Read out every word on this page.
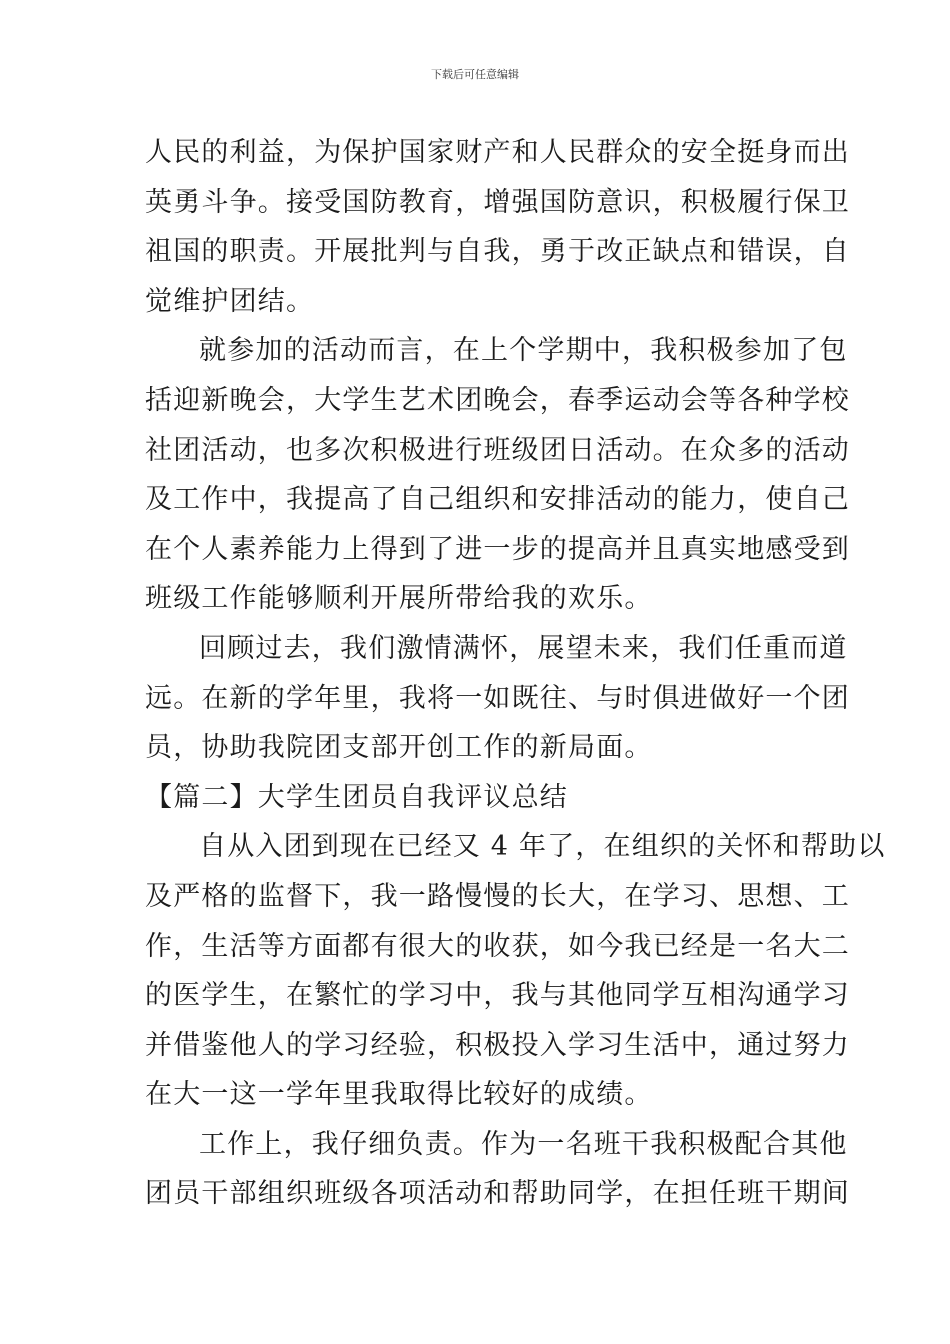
下载后可任意编辑
人民的利益，为保护国家财产和人民群众的安全挺身而出
英勇斗争。接受国防教育，增强国防意识，积极履行保卫
祖国的职责。开展批判与自我，勇于改正缺点和错误，自
觉维护团结。
就参加的活动而言，在上个学期中，我积极参加了包
括迎新晚会，大学生艺术团晚会，春季运动会等各种学校
社团活动，也多次积极进行班级团日活动。在众多的活动
及工作中，我提高了自己组织和安排活动的能力，使自己
在个人素养能力上得到了进一步的提高并且真实地感受到
班级工作能够顺利开展所带给我的欢乐。
回顾过去，我们激情满怀，展望未来，我们任重而道
远。在新的学年里，我将一如既往、与时俱进做好一个团
员，协助我院团支部开创工作的新局面。
【篇二】大学生团员自我评议总结
自从入团到现在已经又 4 年了，在组织的关怀和帮助以
及严格的监督下，我一路慢慢的长大，在学习、思想、工
作，生活等方面都有很大的收获，如今我已经是一名大二
的医学生，在繁忙的学习中，我与其他同学互相沟通学习
并借鉴他人的学习经验，积极投入学习生活中，通过努力
在大一这一学年里我取得比较好的成绩。
工作上，我仔细负责。作为一名班干我积极配合其他
团员干部组织班级各项活动和帮助同学，在担任班干期间
